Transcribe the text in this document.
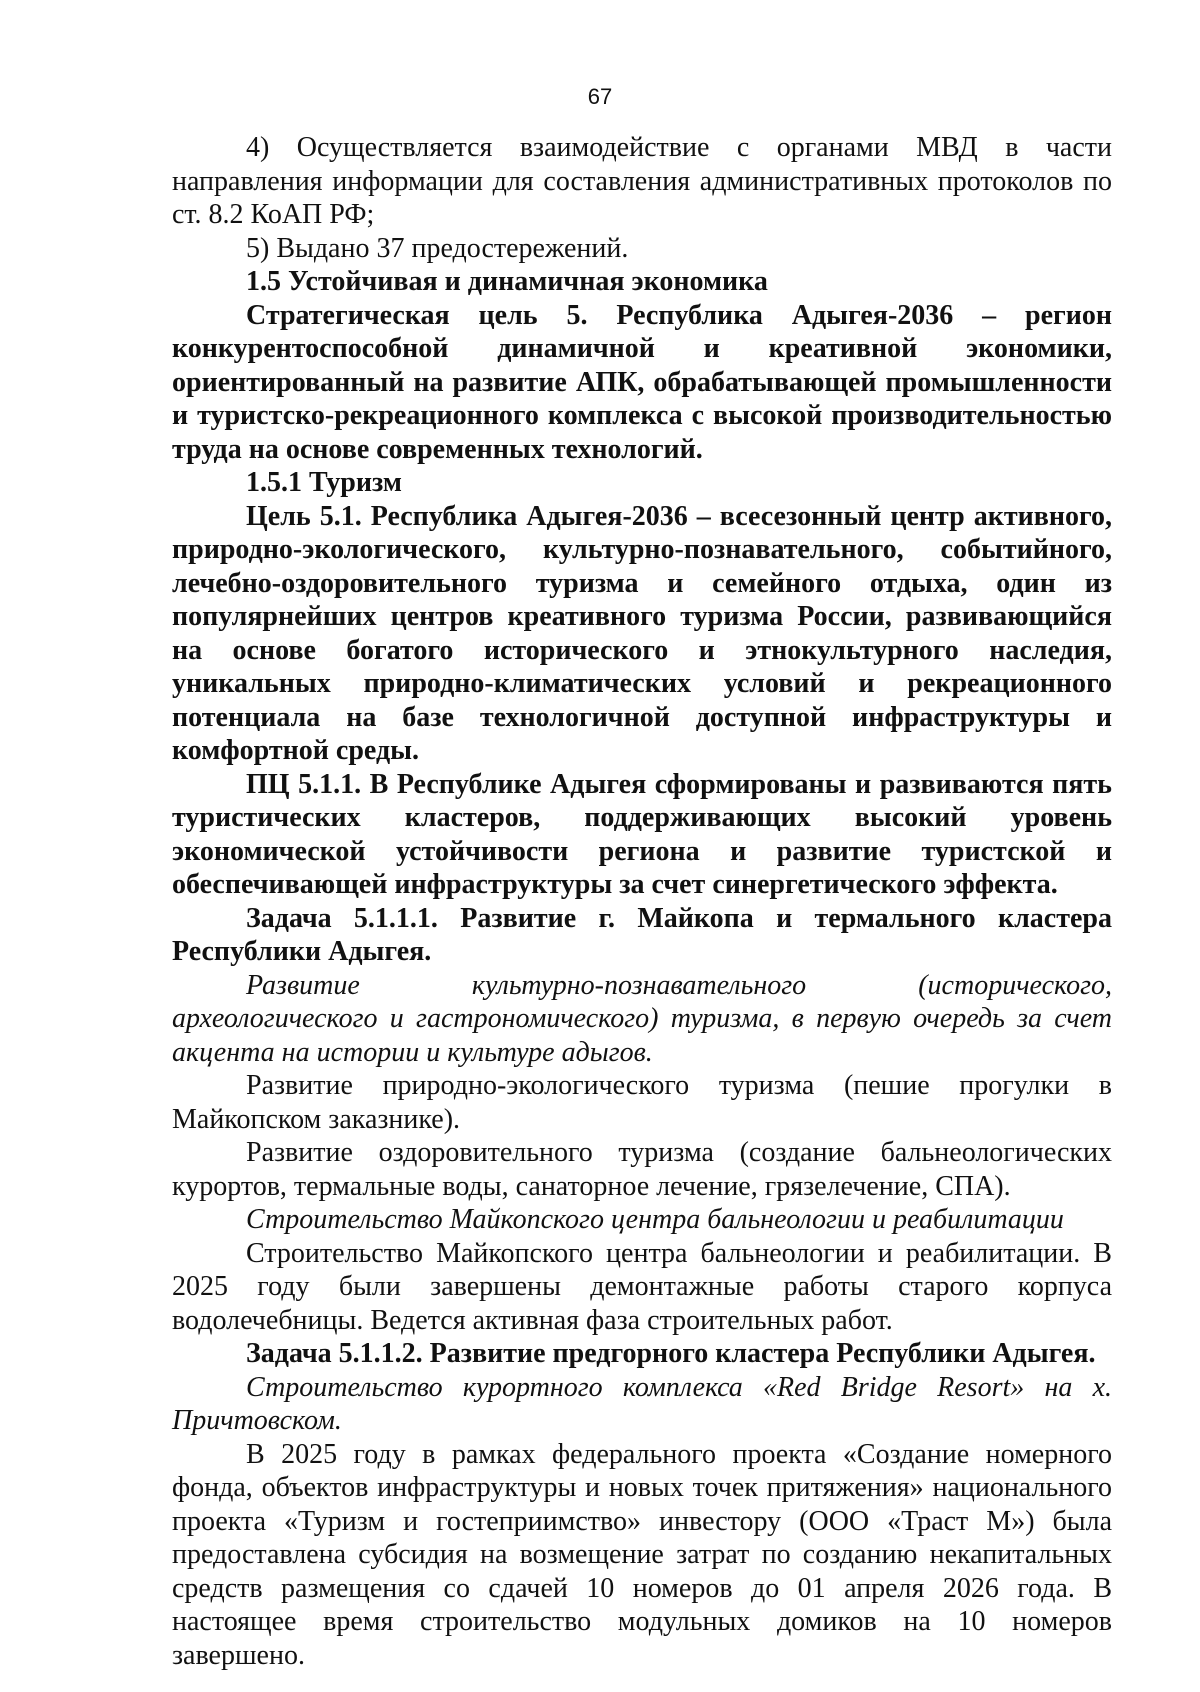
67

4) Осуществляется взаимодействие с органами МВД в части направления информации для составления административных протоколов по ст. 8.2 КоАП РФ;

5) Выдано 37 предостережений.

1.5 Устойчивая и динамичная экономика

Стратегическая цель 5. Республика Адыгея-2036 – регион конкурентоспособной динамичной и креативной экономики, ориентированный на развитие АПК, обрабатывающей промышленности и туристско-рекреационного комплекса с высокой производительностью труда на основе современных технологий.

1.5.1 Туризм

Цель 5.1. Республика Адыгея-2036 – всесезонный центр активного, природно-экологического, культурно-познавательного, событийного, лечебно-оздоровительного туризма и семейного отдыха, один из популярнейших центров креативного туризма России, развивающийся на основе богатого исторического и этнокультурного наследия, уникальных природно-климатических условий и рекреационного потенциала на базе технологичной доступной инфраструктуры и комфортной среды.

ПЦ 5.1.1. В Республике Адыгея сформированы и развиваются пять туристических кластеров, поддерживающих высокий уровень экономической устойчивости региона и развитие туристской и обеспечивающей инфраструктуры за счет синергетического эффекта.

Задача 5.1.1.1. Развитие г. Майкопа и термального кластера Республики Адыгея.

Развитие культурно-познавательного (исторического, археологического и гастрономического) туризма, в первую очередь за счет акцента на истории и культуре адыгов.

Развитие природно-экологического туризма (пешие прогулки в Майкопском заказнике).

Развитие оздоровительного туризма (создание бальнеологических курортов, термальные воды, санаторное лечение, грязелечение, СПА).

Строительство Майкопского центра бальнеологии и реабилитации

Строительство Майкопского центра бальнеологии и реабилитации. В 2025 году были завершены демонтажные работы старого корпуса водолечебницы. Ведется активная фаза строительных работ.

Задача 5.1.1.2. Развитие предгорного кластера Республики Адыгея.

Строительство курортного комплекса «Red Bridge Resort» на х. Причтовском.

В 2025 году в рамках федерального проекта «Создание номерного фонда, объектов инфраструктуры и новых точек притяжения» национального проекта «Туризм и гостеприимство» инвестору (ООО «Траст М») была предоставлена субсидия на возмещение затрат по созданию некапитальных средств размещения со сдачей 10 номеров до 01 апреля 2026 года. В настоящее время строительство модульных домиков на 10 номеров завершено.
